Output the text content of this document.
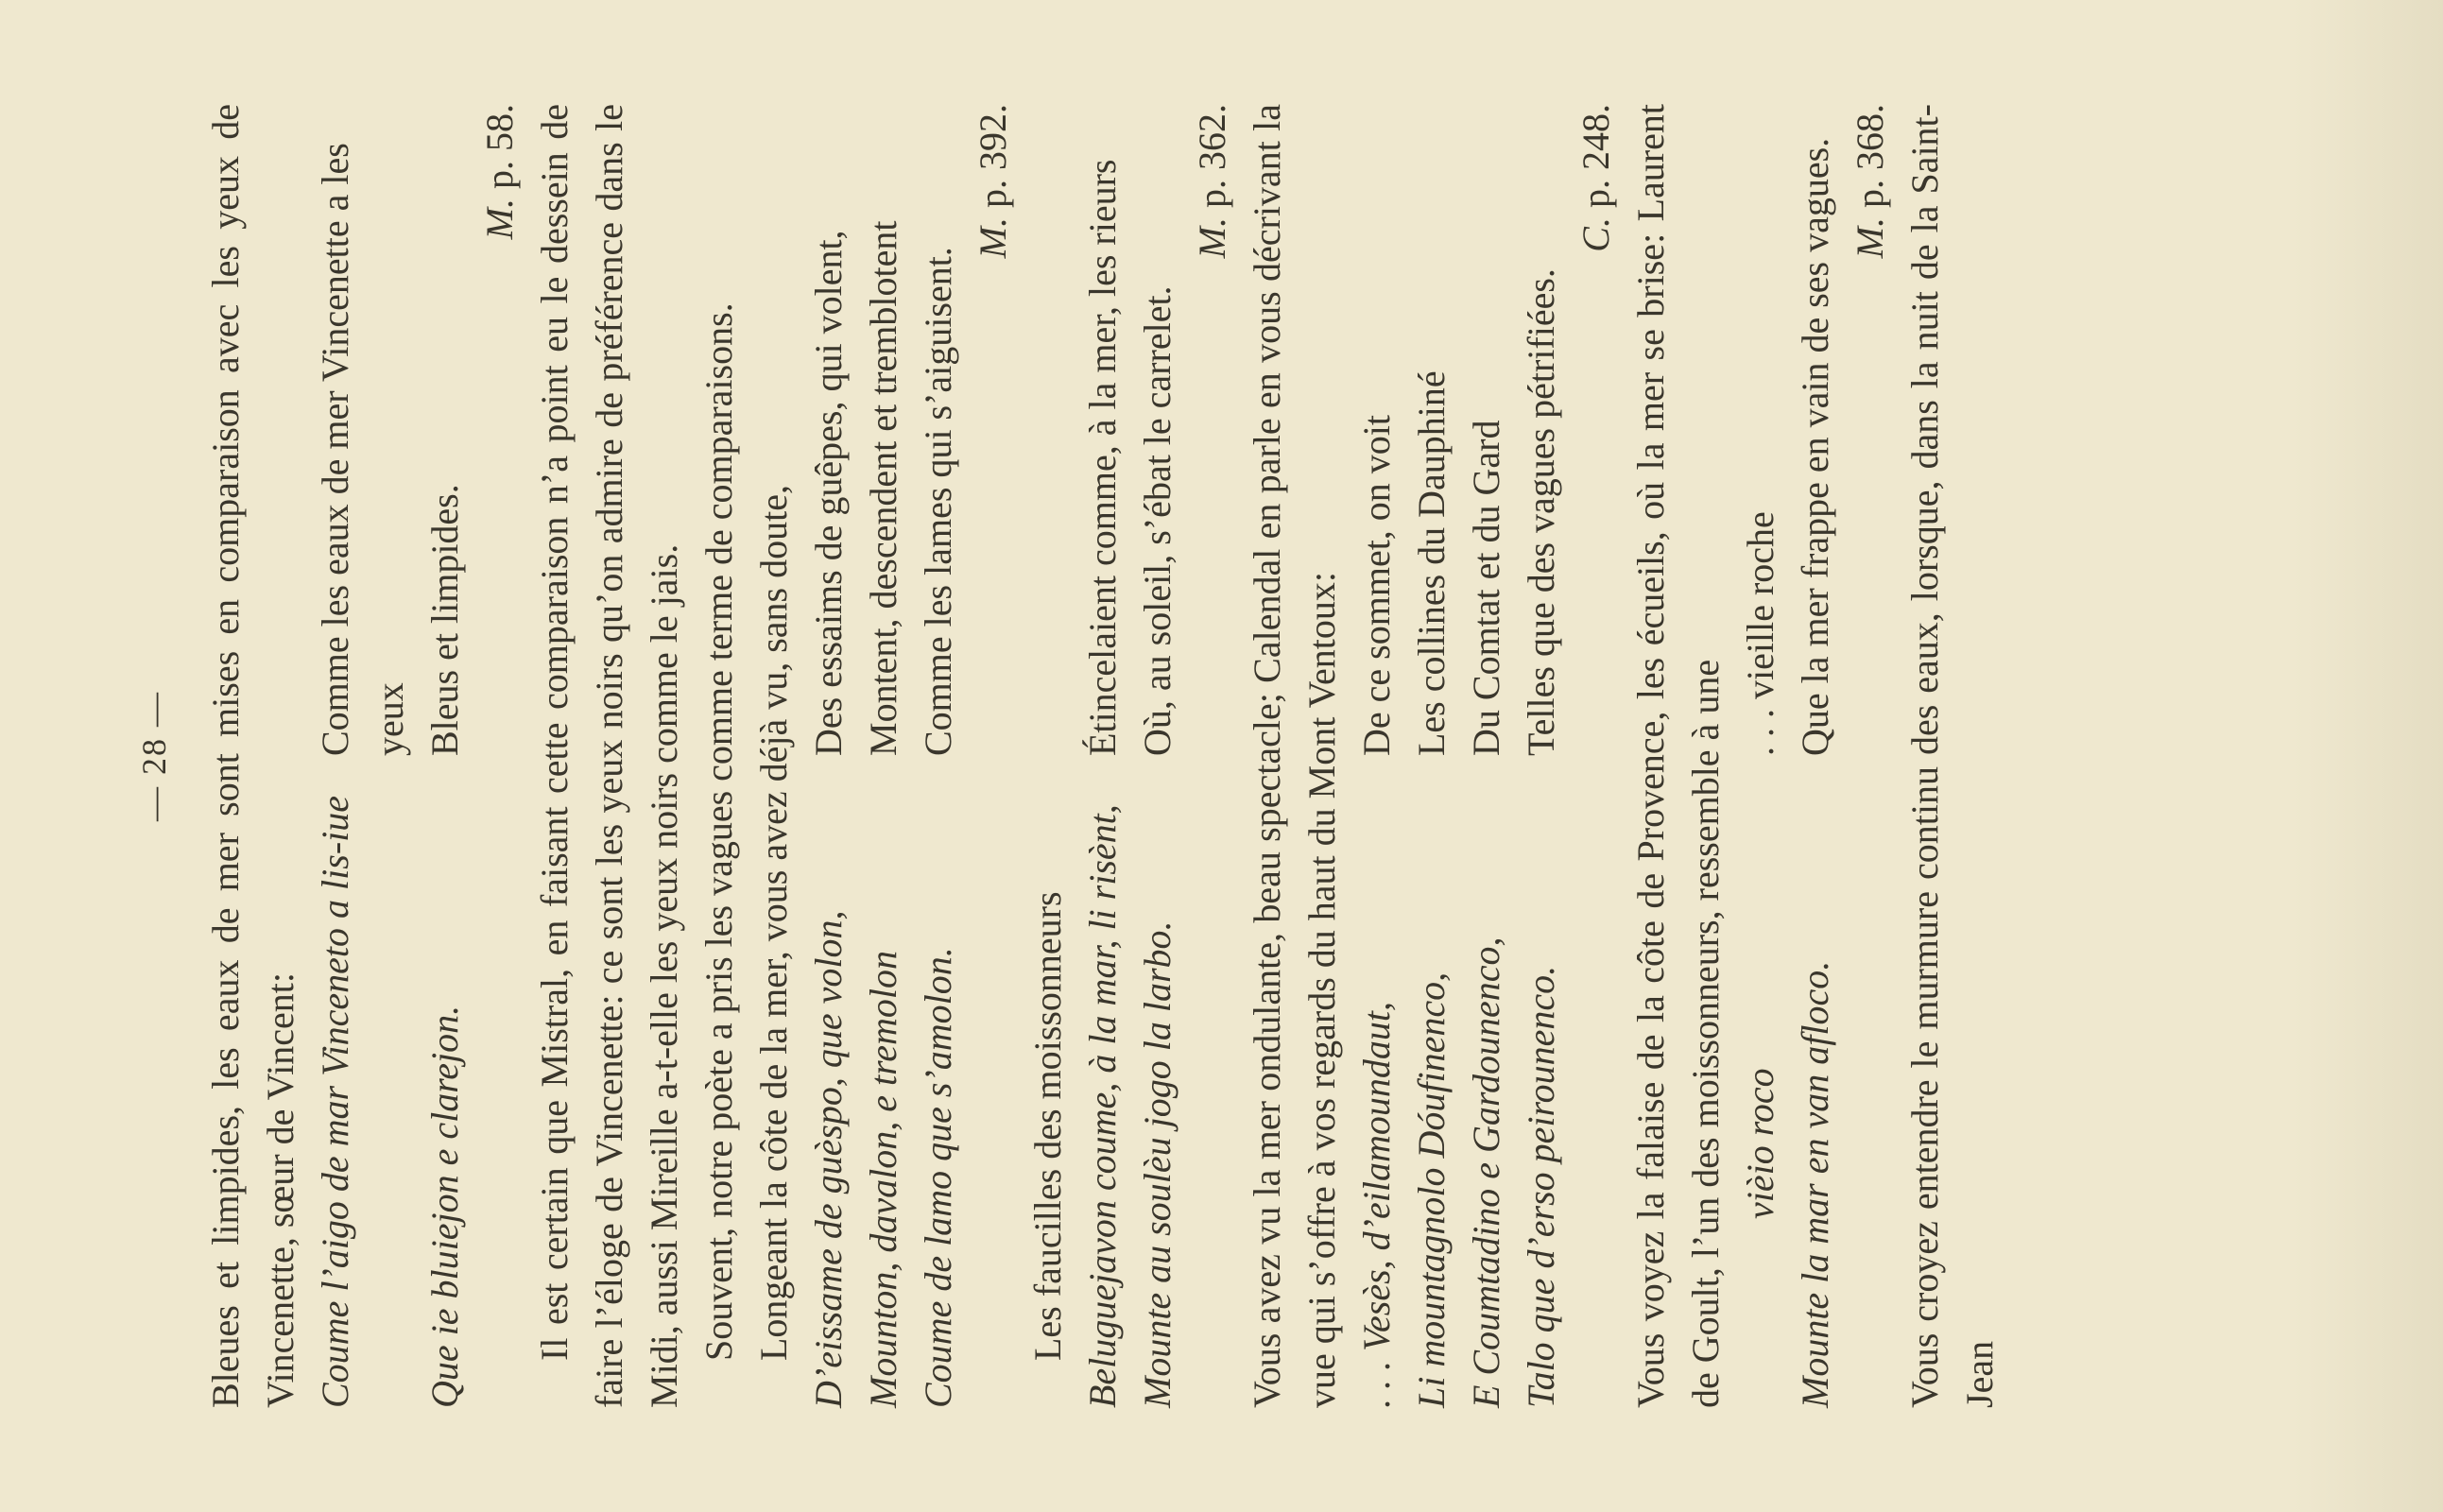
— 28 — Bleues et limpides, les eaux de mer sont mises en comparaison avec les yeux de Vincenette, sœur de Vincent: Coume l’aigo de mar Vinceneto a lis-iue
Comme les eaux de mer Vincenette a les yeux
Que ie bluiejon e clarejon.
Bleus et limpides.
M. p. 58. Il est certain que Mistral, en faisant cette comparaison n’a point eu le dessein de faire l’éloge de Vincenette: ce sont les yeux noirs qu’on admire de préférence dans le Midi, aussi Mireille a-t-elle les yeux noirs comme le jais. Souvent, notre poète a pris les vagues comme terme de comparaisons. Longeant la côte de la mer, vous avez déjà vu, sans doute, D’eissame de guèspo, que volon,
Des essaims de guêpes, qui volent,
Mounton, davalon, e tremolon
Montent, descendent et tremblotent
Coume de lamo que s’amolon.
Comme les lames qui s’aiguisent.
M. p. 392.

Les faucilles des moissonneurs Beluguejavon coume, à la mar, li risènt,
Étincelaient comme, à la mer, les rieurs
Mounte au soulèu jogo la larbo.
Où, au soleil, s’ébat le carrelet.
M. p. 362. Vous avez vu la mer ondulante, beau spectacle; Calendal en parle en vous décrivant la vue qui s’offre à vos regards du haut du Mont Ventoux: . . . Vesès, d’eilamoundaut,
De ce sommet, on voit
Li mountagnolo Dóufinenco,
Les collines du Dauphiné
E Coumtadino e Gardounenco,
Du Comtat et du Gard
Talo que d’erso peirounenco.
Telles que des vagues pétrifiées.
C. p. 248. Vous voyez la falaise de la côte de Provence, les écueils, où la mer se brise: Laurent de Goult, l’un des moissonneurs, ressemble à une vièio roco
. . . vieille roche
Mounte la mar en van afloco.
Que la mer frappe en vain de ses vagues. M. p. 368. Vous croyez entendre le murmure continu des eaux, lorsque, dans la nuit de la Saint-Jean
